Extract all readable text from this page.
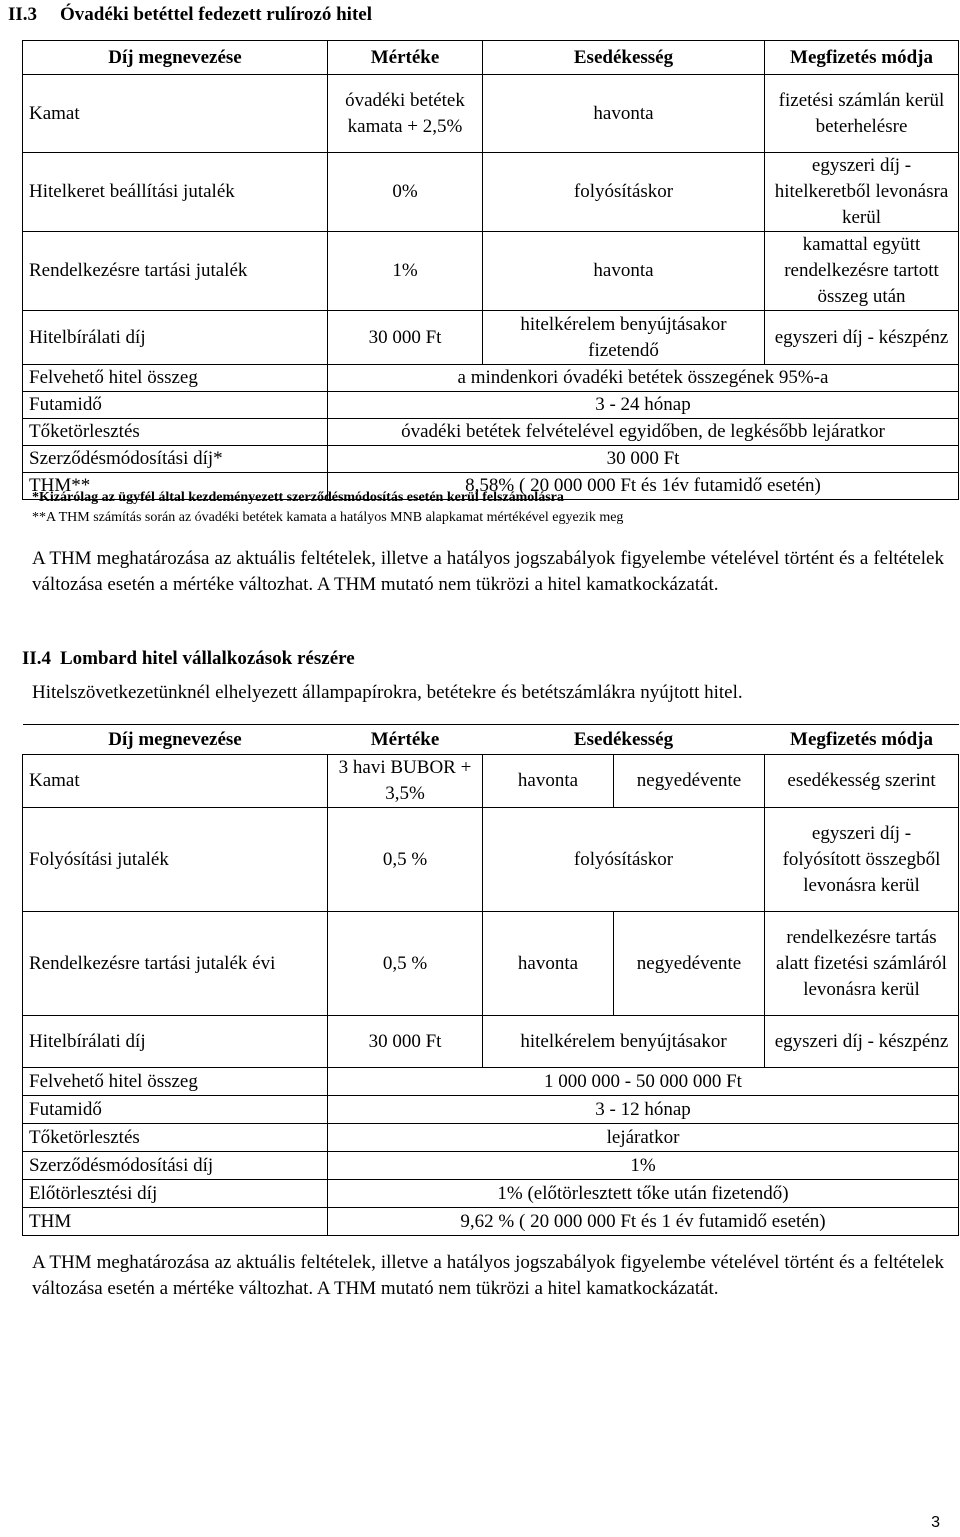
II.3	Óvadéki betéttel fedezett rulírozó hitel
Díj megnevezése	Mértéke	Esedékesség	Megfizetés módja
Kamat	óvadéki betétek kamata + 2,5%	havonta	fizetési számlán kerül beterhelésre
Hitelkeret beállítási jutalék	0%	folyósításkor	egyszeri díj - hitelkeretből levonásra kerül
Rendelkezésre tartási jutalék	1%	havonta	kamattal együtt rendelkezésre tartott összeg után
Hitelbírálati díj	30 000 Ft	hitelkérelem benyújtásakor fizetendő	egyszeri díj - készpénz
Felvehető hitel összeg	a mindenkori óvadéki betétek összegének 95%-a		
Futamidő	3 - 24 hónap		
Tőketörlesztés	óvadéki betétek felvételével egyidőben, de legkésőbb lejáratkor		
Szerződésmódosítási díj*	30 000 Ft		
THM**	8,58% ( 20 000 000 Ft és 1év futamidő esetén)		
*Kizárólag az ügyfél által kezdeményezett szerződésmódosítás esetén kerül felszámolásra
**A THM számítás során az óvadéki betétek kamata a hatályos MNB alapkamat mértékével egyezik meg
A THM meghatározása az aktuális feltételek, illetve a hatályos jogszabályok figyelembe vételével történt és a feltételek változása esetén a mértéke változhat. A THM mutató nem tükrözi a hitel kamatkockázatát.
II.4 Lombard hitel vállalkozások részére
Hitelszövetkezetünknél elhelyezett állampapírokra, betétekre és betétszámlákra nyújtott hitel.
Díj megnevezése	Mértéke	Esedékesség		Megfizetés módja
Kamat	3 havi BUBOR + 3,5%	havonta	negyedévente	esedékesség szerint
Folyósítási jutalék	0,5 %	folyósításkor		egyszeri díj - folyósított összegből levonásra kerül
Rendelkezésre tartási jutalék évi	0,5 %	havonta	negyedévente	rendelkezésre tartás alatt fizetési számláról levonásra kerül
Hitelbírálati díj	30 000 Ft	hitelkérelem benyújtásakor		egyszeri díj - készpénz
Felvehető hitel összeg	1 000 000 - 50 000 000 Ft			
Futamidő	3 - 12 hónap			
Tőketörlesztés	lejáratkor			
Szerződésmódosítási díj	1%			
Előtörlesztési díj	1% (előtörlesztett tőke után fizetendő)			
THM	9,62 % ( 20 000 000 Ft és 1 év futamidő esetén)			
A THM meghatározása az aktuális feltételek, illetve a hatályos jogszabályok figyelembe vételével történt és a feltételek változása esetén a mértéke változhat. A THM mutató nem tükrözi a hitel kamatkockázatát.
3
